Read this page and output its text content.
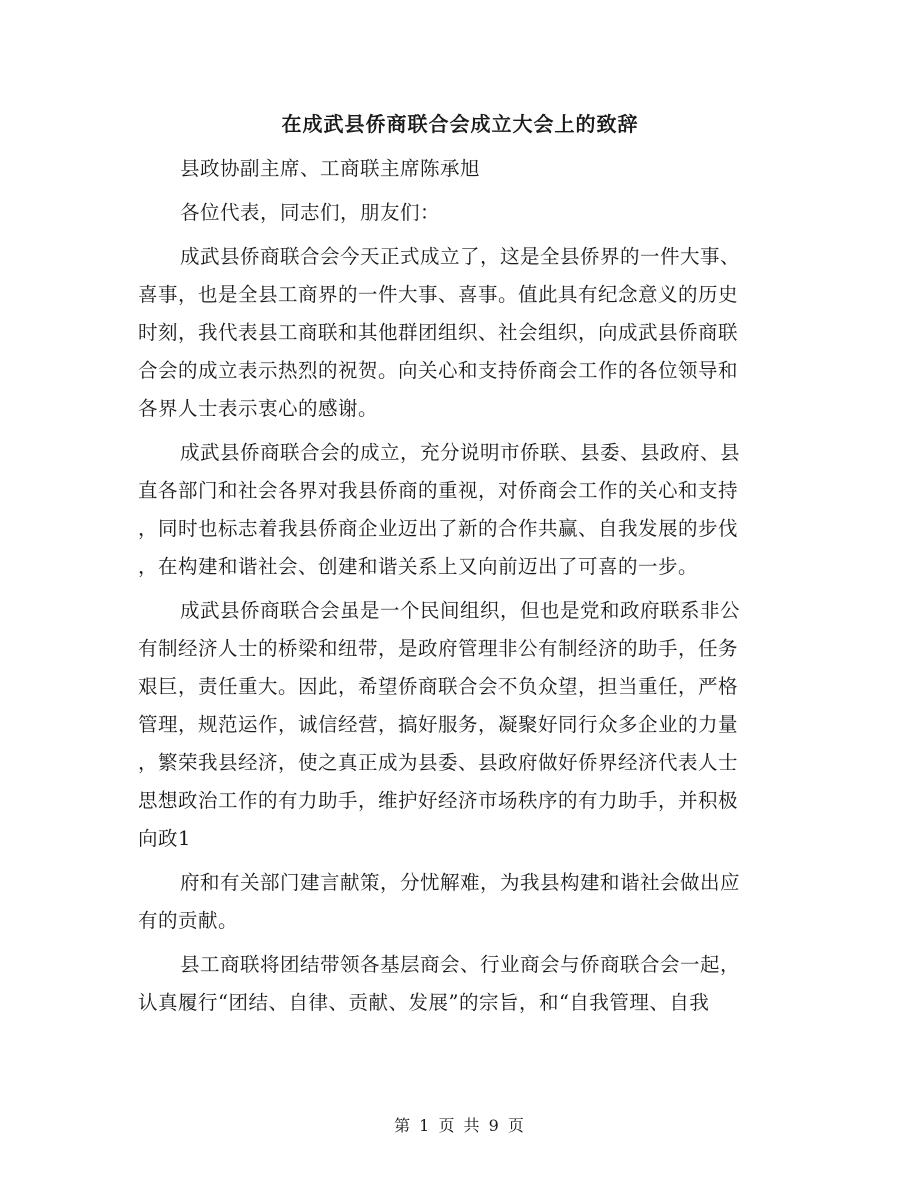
在成武县侨商联合会成立大会上的致辞
县政协副主席、工商联主席陈承旭
各位代表，同志们，朋友们：
成武县侨商联合会今天正式成立了，这是全县侨界的一件大事、
喜事，也是全县工商界的一件大事、喜事。值此具有纪念意义的历史
时刻，我代表县工商联和其他群团组织、社会组织，向成武县侨商联
合会的成立表示热烈的祝贺。向关心和支持侨商会工作的各位领导和
各界人士表示衷心的感谢。
成武县侨商联合会的成立，充分说明市侨联、县委、县政府、县
直各部门和社会各界对我县侨商的重视，对侨商会工作的关心和支持
，同时也标志着我县侨商企业迈出了新的合作共赢、自我发展的步伐
，在构建和谐社会、创建和谐关系上又向前迈出了可喜的一步。
成武县侨商联合会虽是一个民间组织，但也是党和政府联系非公
有制经济人士的桥梁和纽带，是政府管理非公有制经济的助手，任务
艰巨，责任重大。因此，希望侨商联合会不负众望，担当重任，严格
管理，规范运作，诚信经营，搞好服务，凝聚好同行众多企业的力量
，繁荣我县经济，使之真正成为县委、县政府做好侨界经济代表人士
思想政治工作的有力助手，维护好经济市场秩序的有力助手，并积极
向政1
府和有关部门建言献策，分忧解难，为我县构建和谐社会做出应
有的贡献。
县工商联将团结带领各基层商会、行业商会与侨商联合会一起，
认真履行“团结、自律、贡献、发展”的宗旨，和“自我管理、自我
第 1 页 共 9 页
